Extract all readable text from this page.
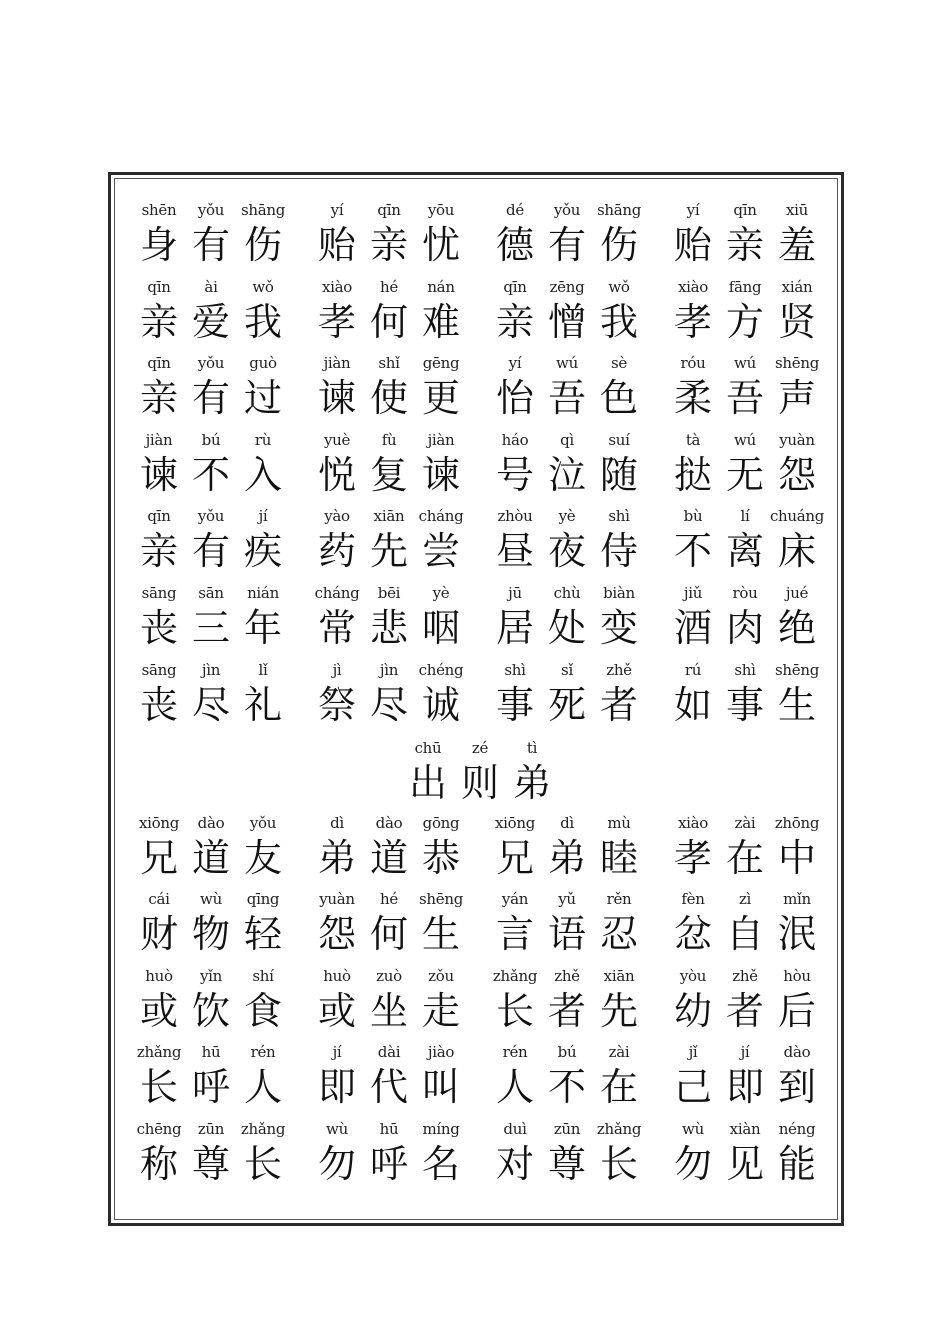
shēn
身
yǒu
有
shāng
伤
yí
贻
qīn
亲
yōu
忧
dé
德
yǒu
有
shāng
伤
yí
贻
qīn
亲
xiū
羞
qīn
亲
ài
爱
wǒ
我
xiào
孝
hé
何
nán
难
qīn
亲
zēng
憎
wǒ
我
xiào
孝
fāng
方
xián
贤
qīn
亲
yǒu
有
guò
过
jiàn
谏
shǐ
使
gēng
更
yí
怡
wú
吾
sè
色
róu
柔
wú
吾
shēng
声
jiàn
谏
bú
不
rù
入
yuè
悦
fù
复
jiàn
谏
háo
号
qì
泣
suí
随
tà
挞
wú
无
yuàn
怨
qīn
亲
yǒu
有
jí
疾
yào
药
xiān
先
cháng
尝
zhòu
昼
yè
夜
shì
侍
bù
不
lí
离
chuáng
床
sāng
丧
sān
三
nián
年
cháng
常
bēi
悲
yè
咽
jū
居
chù
处
biàn
变
jiǔ
酒
ròu
肉
jué
绝
sāng
丧
jìn
尽
lǐ
礼
jì
祭
jìn
尽
chéng
诚
shì
事
sǐ
死
zhě
者
rú
如
shì
事
shēng
生
chū
出
zé
则
tì
弟
xiōng
兄
dào
道
yǒu
友
dì
弟
dào
道
gōng
恭
xiōng
兄
dì
弟
mù
睦
xiào
孝
zài
在
zhōng
中
cái
财
wù
物
qīng
轻
yuàn
怨
hé
何
shēng
生
yán
言
yǔ
语
rěn
忍
fèn
忿
zì
自
mǐn
泯
huò
或
yǐn
饮
shí
食
huò
或
zuò
坐
zǒu
走
zhǎng
长
zhě
者
xiān
先
yòu
幼
zhě
者
hòu
后
zhǎng
长
hū
呼
rén
人
jí
即
dài
代
jiào
叫
rén
人
bú
不
zài
在
jǐ
己
jí
即
dào
到
chēng
称
zūn
尊
zhǎng
长
wù
勿
hū
呼
míng
名
duì
对
zūn
尊
zhǎng
长
wù
勿
xiàn
见
néng
能
